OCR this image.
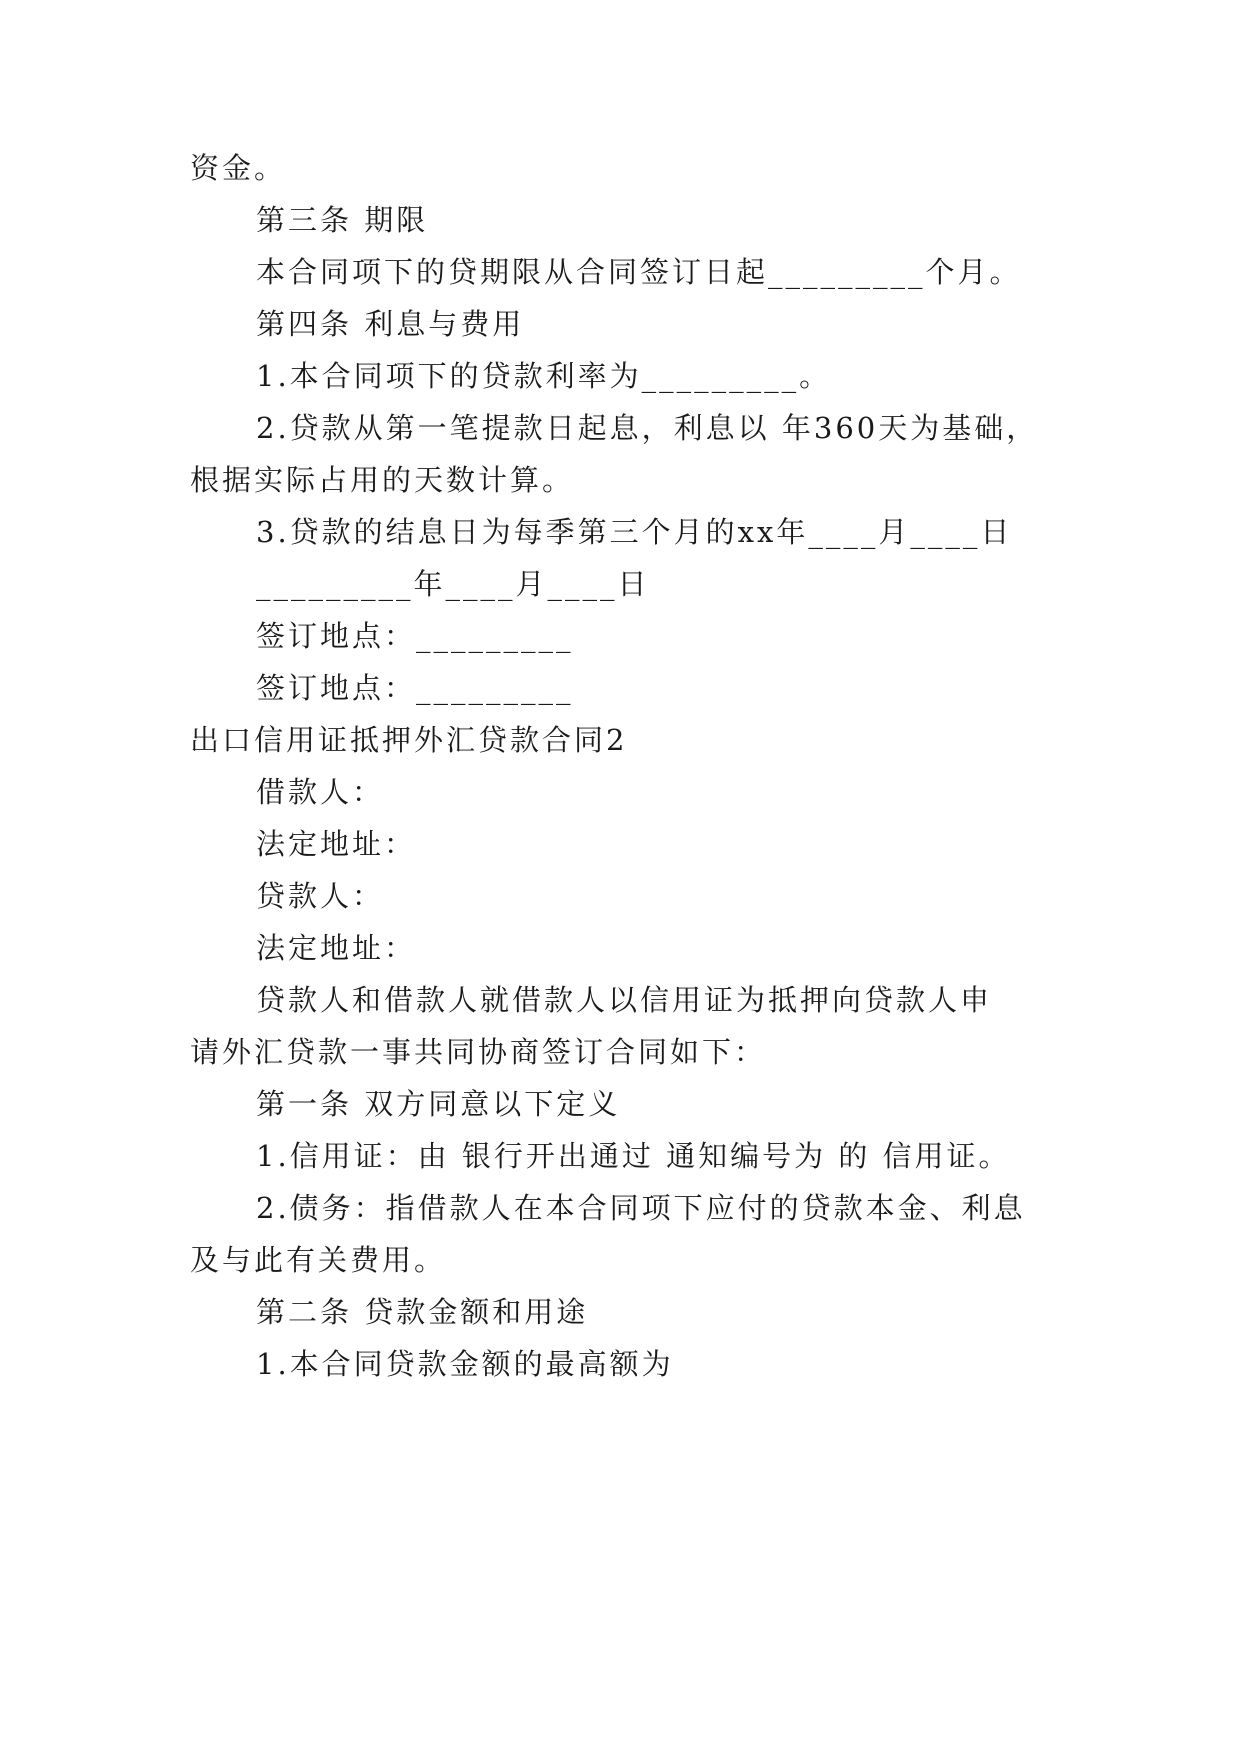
资金。
第三条 期限
本合同项下的贷期限从合同签订日起_________个月。
第四条 利息与费用
1.本合同项下的贷款利率为_________。
2.贷款从第一笔提款日起息，利息以 年360天为基础，
根据实际占用的天数计算。
3.贷款的结息日为每季第三个月的xx年____月____日
_________年____月____日
签订地点：_________
签订地点：_________
出口信用证抵押外汇贷款合同2
借款人：
法定地址：
贷款人：
法定地址：
贷款人和借款人就借款人以信用证为抵押向贷款人申
请外汇贷款一事共同协商签订合同如下：
第一条 双方同意以下定义
1.信用证：由 银行开出通过 通知编号为 的 信用证。
2.债务：指借款人在本合同项下应付的贷款本金、利息
及与此有关费用。
第二条 贷款金额和用途
1.本合同贷款金额的最高额为
